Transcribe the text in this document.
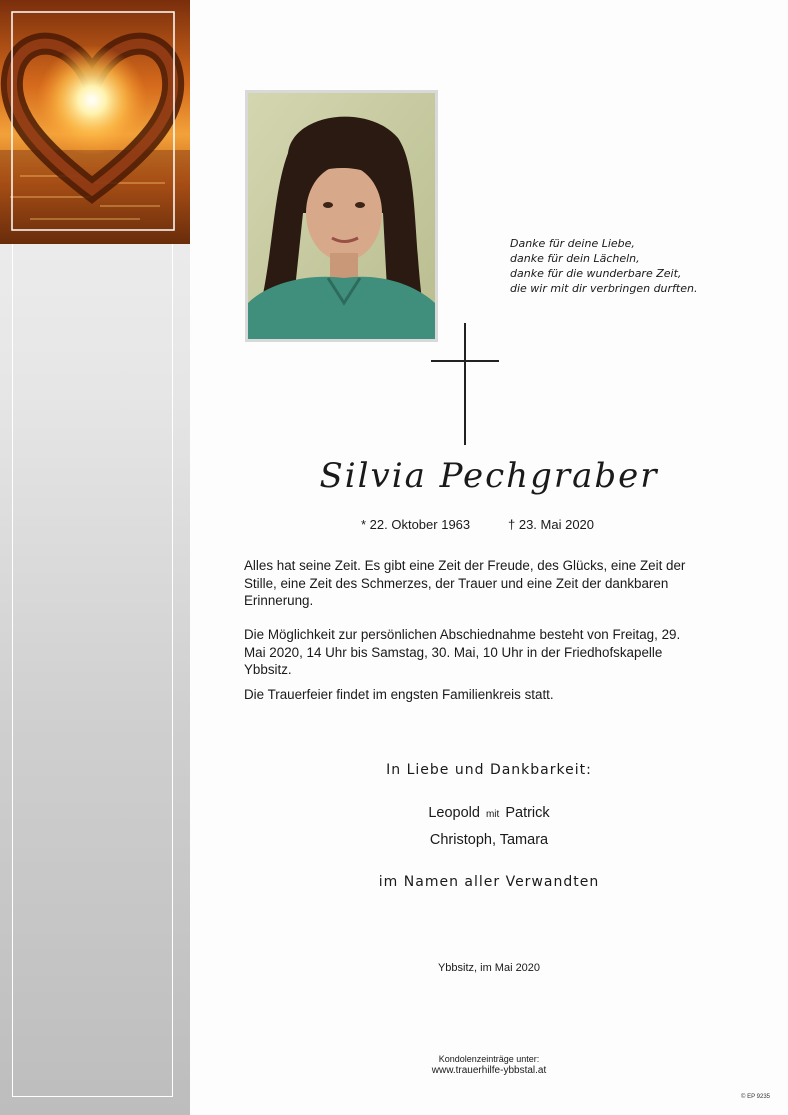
Danke für deine Liebe,
danke für dein Lächeln,
danke für die wunderbare Zeit,
die wir mit dir verbringen durften.
Silvia Pechgraber
* 22. Oktober 1963	† 23. Mai 2020
Alles hat seine Zeit. Es gibt eine Zeit der Freude, des Glücks, eine Zeit der Stille, eine Zeit des Schmerzes, der Trauer und eine Zeit der dankbaren Erinnerung.
Die Möglichkeit zur persönlichen Abschiednahme besteht von Freitag, 29. Mai 2020, 14 Uhr bis Samstag, 30. Mai, 10 Uhr in der Friedhofskapelle Ybbsitz.
Die Trauerfeier findet im engsten Familienkreis statt.
In Liebe und Dankbarkeit:
Leopold mit Patrick
Christoph, Tamara
im Namen aller Verwandten
Ybbsitz, im Mai 2020
Kondolenzeinträge unter:
www.trauerhilfe-ybbstal.at
© EP 9235
